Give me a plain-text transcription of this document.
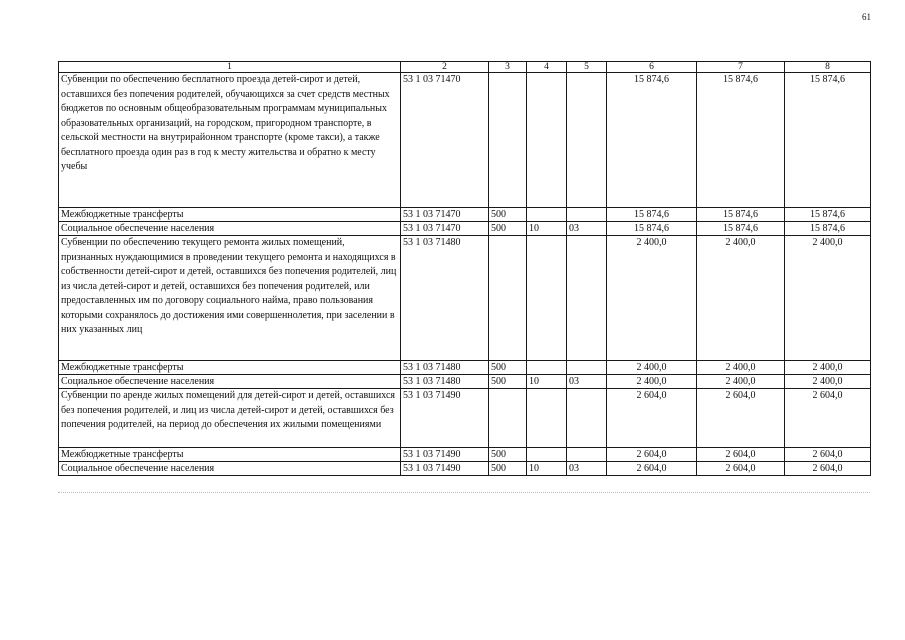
61
1	2	3	4	5	6	7	8
Субвенции по обеспечению бесплатного проезда детей-сирот и детей, оставшихся без попечения родителей, обучающихся за счет средств местных бюджетов по основным общеобразовательным программам муниципальных образовательных организаций, на городском, пригородном транспорте, в сельской местности на внутрирайонном транспорте (кроме такси), а также бесплатного проезда один раз в год к месту жительства и обратно к месту учебы	53 1 03 71470				15 874,6	15 874,6	15 874,6
Межбюджетные трансферты	53 1 03 71470	500			15 874,6	15 874,6	15 874,6
Социальное обеспечение населения	53 1 03 71470	500	10	03	15 874,6	15 874,6	15 874,6
Субвенции по обеспечению текущего ремонта жилых помещений, признанных нуждающимися в проведении текущего ремонта и находящихся в собственности детей-сирот и детей, оставшихся без попечения родителей, лиц из числа детей-сирот и детей, оставшихся без попечения родителей, или предоставленных им по договору социального найма, право пользования которыми сохранялось до достижения ими совершеннолетия, при заселении в них указанных лиц	53 1 03 71480				2 400,0	2 400,0	2 400,0
Межбюджетные трансферты	53 1 03 71480	500			2 400,0	2 400,0	2 400,0
Социальное обеспечение населения	53 1 03 71480	500	10	03	2 400,0	2 400,0	2 400,0
Субвенции по аренде жилых помещений для детей-сирот и детей, оставшихся без попечения родителей, и лиц из числа детей-сирот и детей, оставшихся без попечения родителей, на период до обеспечения их жилыми помещениями	53 1 03 71490				2 604,0	2 604,0	2 604,0
Межбюджетные трансферты	53 1 03 71490	500			2 604,0	2 604,0	2 604,0
Социальное обеспечение населения	53 1 03 71490	500	10	03	2 604,0	2 604,0	2 604,0
